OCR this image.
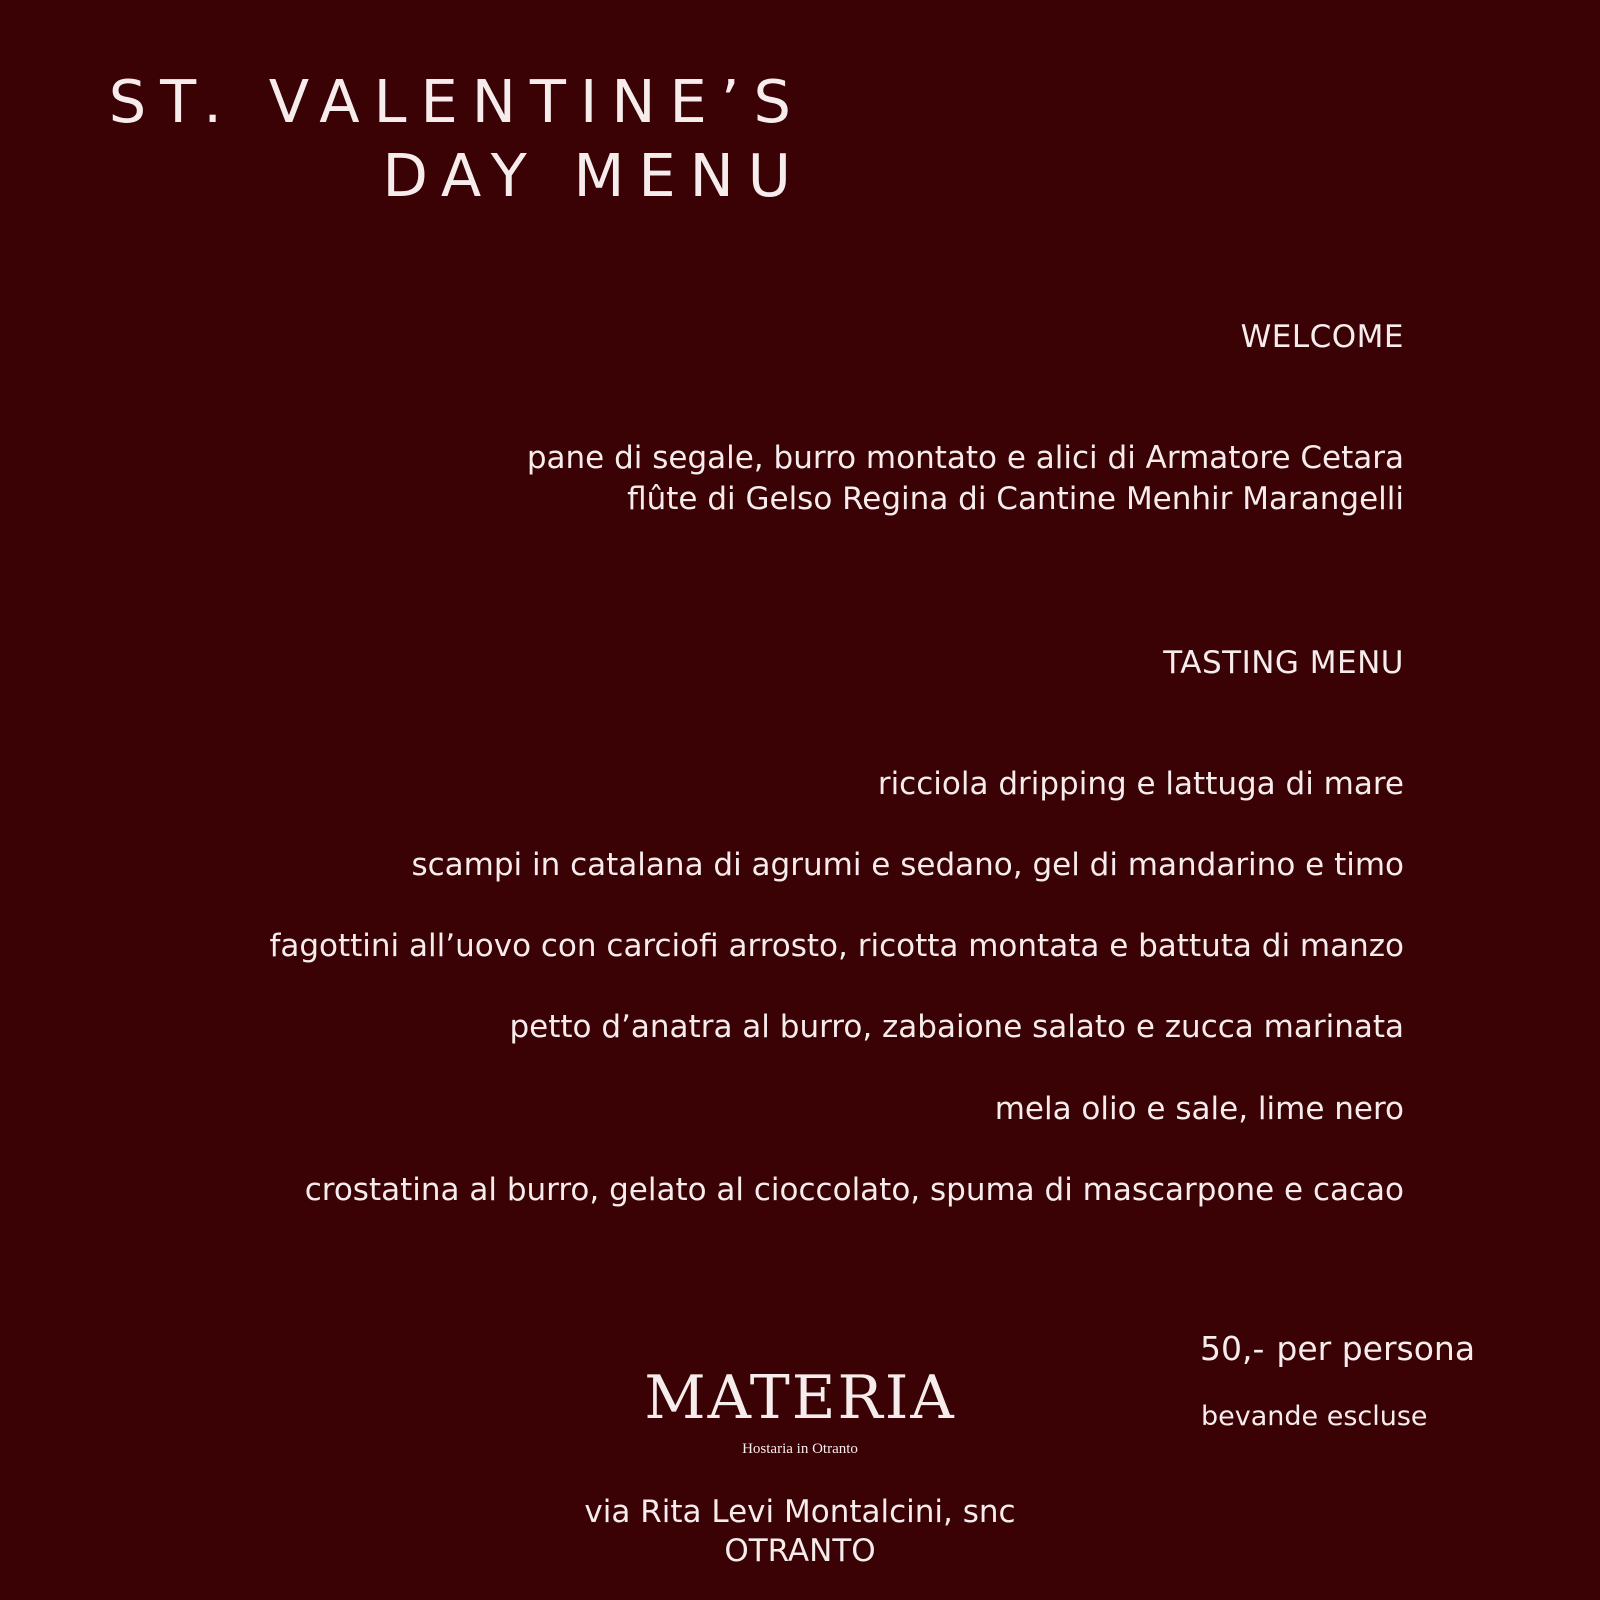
ST. VALENTINE’S
DAY MENU
WELCOME
pane di segale, burro montato e alici di Armatore Cetara
flûte di Gelso Regina di Cantine Menhir Marangelli
TASTING MENU
ricciola dripping e lattuga di mare
scampi in catalana di agrumi e sedano, gel di mandarino e timo
fagottini all’uovo con carciofi arrosto, ricotta montata e battuta di manzo
petto d’anatra al burro, zabaione salato e zucca marinata
mela olio e sale, lime nero
crostatina al burro, gelato al cioccolato, spuma di mascarpone e cacao
50,- per persona
bevande escluse
MATERIA
Hostaria in Otranto
via Rita Levi Montalcini, snc
OTRANTO
